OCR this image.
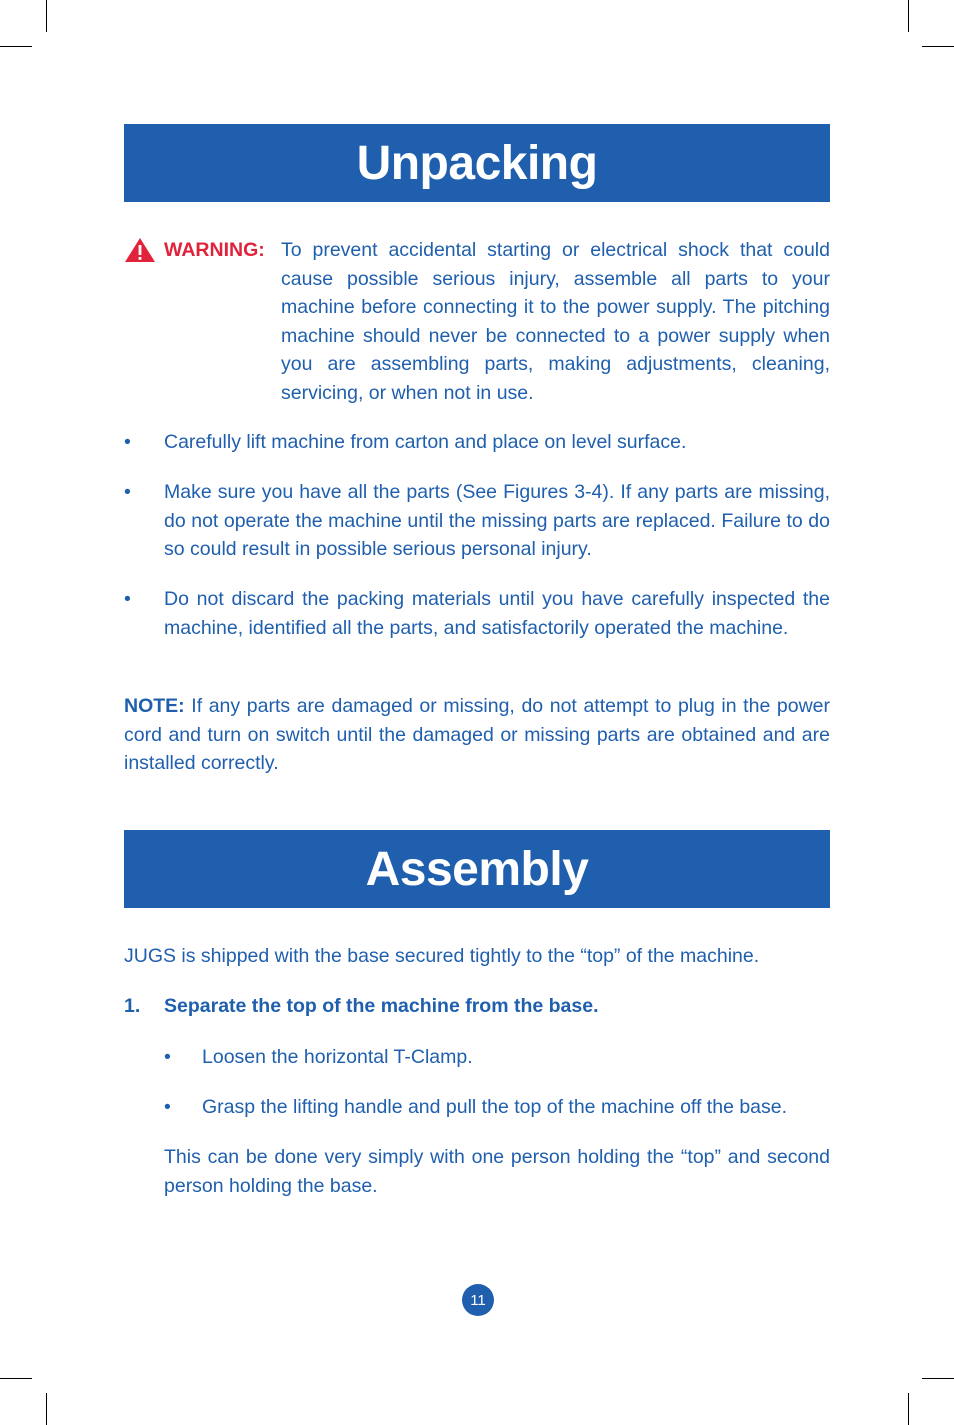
Unpacking
WARNING: To prevent accidental starting or electrical shock that could cause possible serious injury, assemble all parts to your machine before connecting it to the power supply. The pitching machine should never be connected to a power supply when you are assembling parts, making adjustments, cleaning, servicing, or when not in use.
• Carefully lift machine from carton and place on level surface.
• Make sure you have all the parts (See Figures 3-4). If any parts are missing, do not operate the machine until the missing parts are replaced. Failure to do so could result in possible serious personal injury.
• Do not discard the packing materials until you have carefully inspected the machine, identified all the parts, and satisfactorily operated the machine.
NOTE: If any parts are damaged or missing, do not attempt to plug in the power cord and turn on switch until the damaged or missing parts are obtained and are installed correctly.
Assembly
JUGS is shipped with the base secured tightly to the “top” of the machine.
1. Separate the top of the machine from the base.
• Loosen the horizontal T-Clamp.
• Grasp the lifting handle and pull the top of the machine off the base.
This can be done very simply with one person holding the “top” and second person holding the base.
11
